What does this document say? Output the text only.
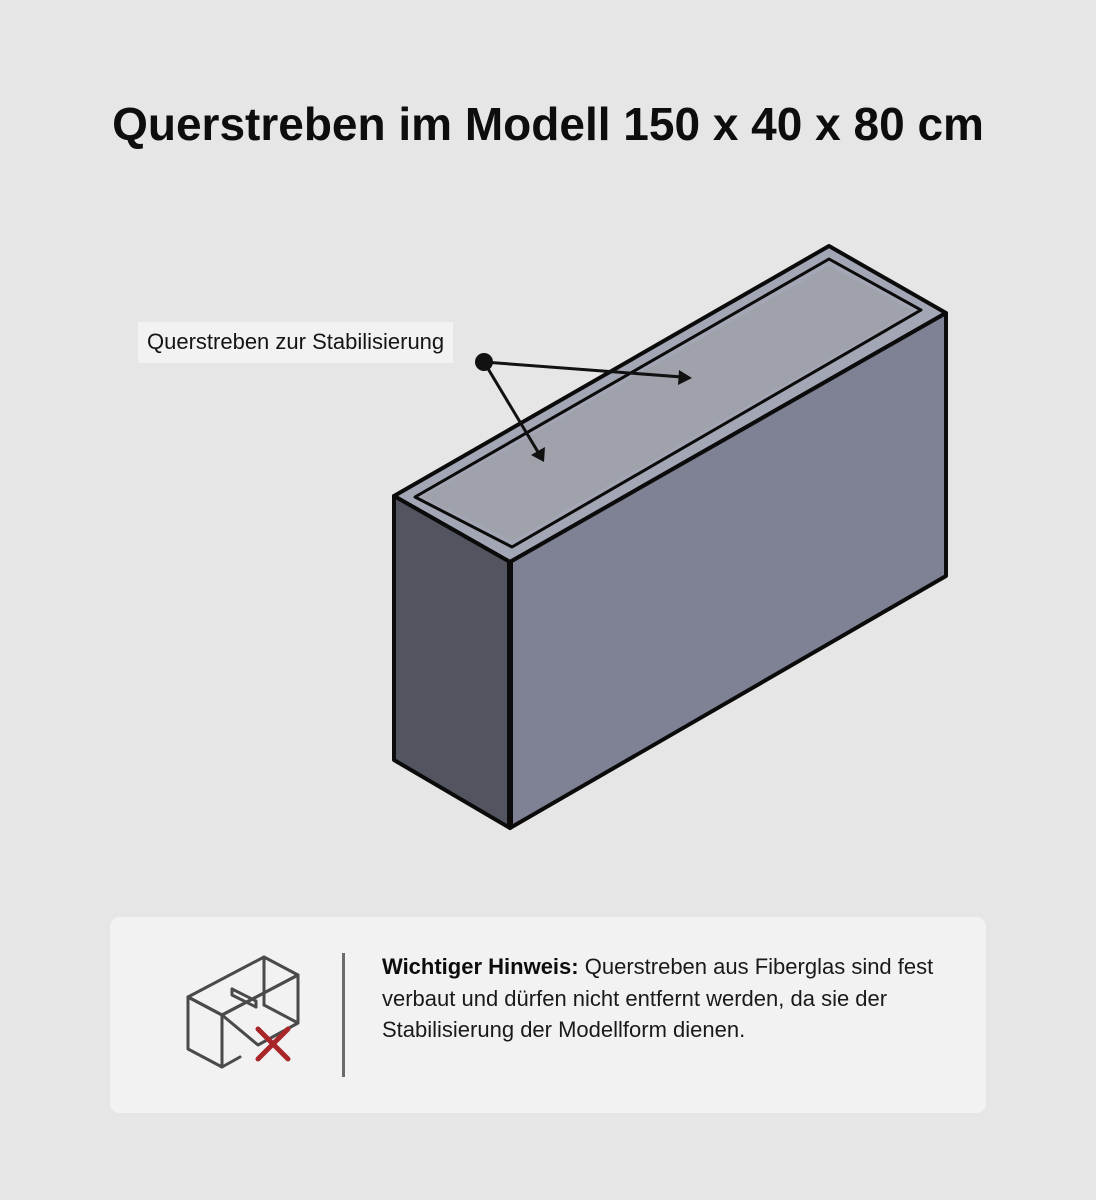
Querstreben im Modell 150 x 40 x 80 cm
Querstreben zur Stabilisierung
Wichtiger Hinweis: Querstreben aus Fiberglas sind fest verbaut und dürfen nicht entfernt werden, da sie der Stabilisierung der Modellform dienen.
